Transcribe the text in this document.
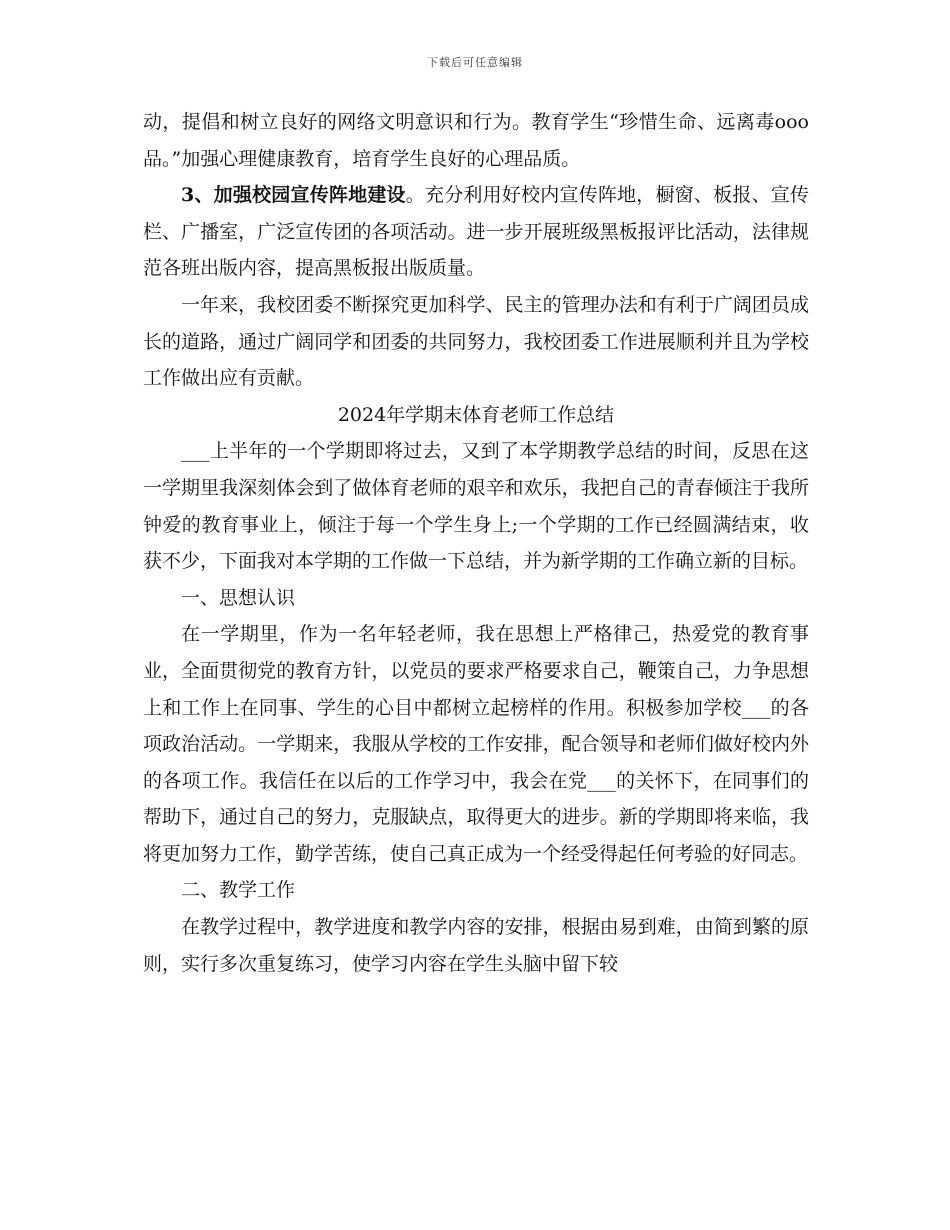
下载后可任意编辑

动，提倡和树立良好的网络文明意识和行为。教育学生“珍惜生命、远离毒ooo品。”加强心理健康教育，培育学生良好的心理品质。

3、加强校园宣传阵地建设。充分利用好校内宣传阵地，橱窗、板报、宣传栏、广播室，广泛宣传团的各项活动。进一步开展班级黑板报评比活动，法律规范各班出版内容，提高黑板报出版质量。

一年来，我校团委不断探究更加科学、民主的管理办法和有利于广阔团员成长的道路，通过广阔同学和团委的共同努力，我校团委工作进展顺利并且为学校工作做出应有贡献。

2024年学期末体育老师工作总结

___上半年的一个学期即将过去，又到了本学期教学总结的时间，反思在这一学期里我深刻体会到了做体育老师的艰辛和欢乐，我把自己的青春倾注于我所钟爱的教育事业上，倾注于每一个学生身上;一个学期的工作已经圆满结束，收获不少，下面我对本学期的工作做一下总结，并为新学期的工作确立新的目标。

一、思想认识

在一学期里，作为一名年轻老师，我在思想上严格律己，热爱党的教育事业，全面贯彻党的教育方针，以党员的要求严格要求自己，鞭策自己，力争思想上和工作上在同事、学生的心目中都树立起榜样的作用。积极参加学校___的各项政治活动。一学期来，我服从学校的工作安排，配合领导和老师们做好校内外的各项工作。我信任在以后的工作学习中，我会在党___的关怀下，在同事们的帮助下，通过自己的努力，克服缺点，取得更大的进步。新的学期即将来临，我将更加努力工作，勤学苦练，使自己真正成为一个经受得起任何考验的好同志。

二、教学工作

在教学过程中，教学进度和教学内容的安排，根据由易到难，由简到繁的原则，实行多次重复练习，使学习内容在学生头脑中留下较
